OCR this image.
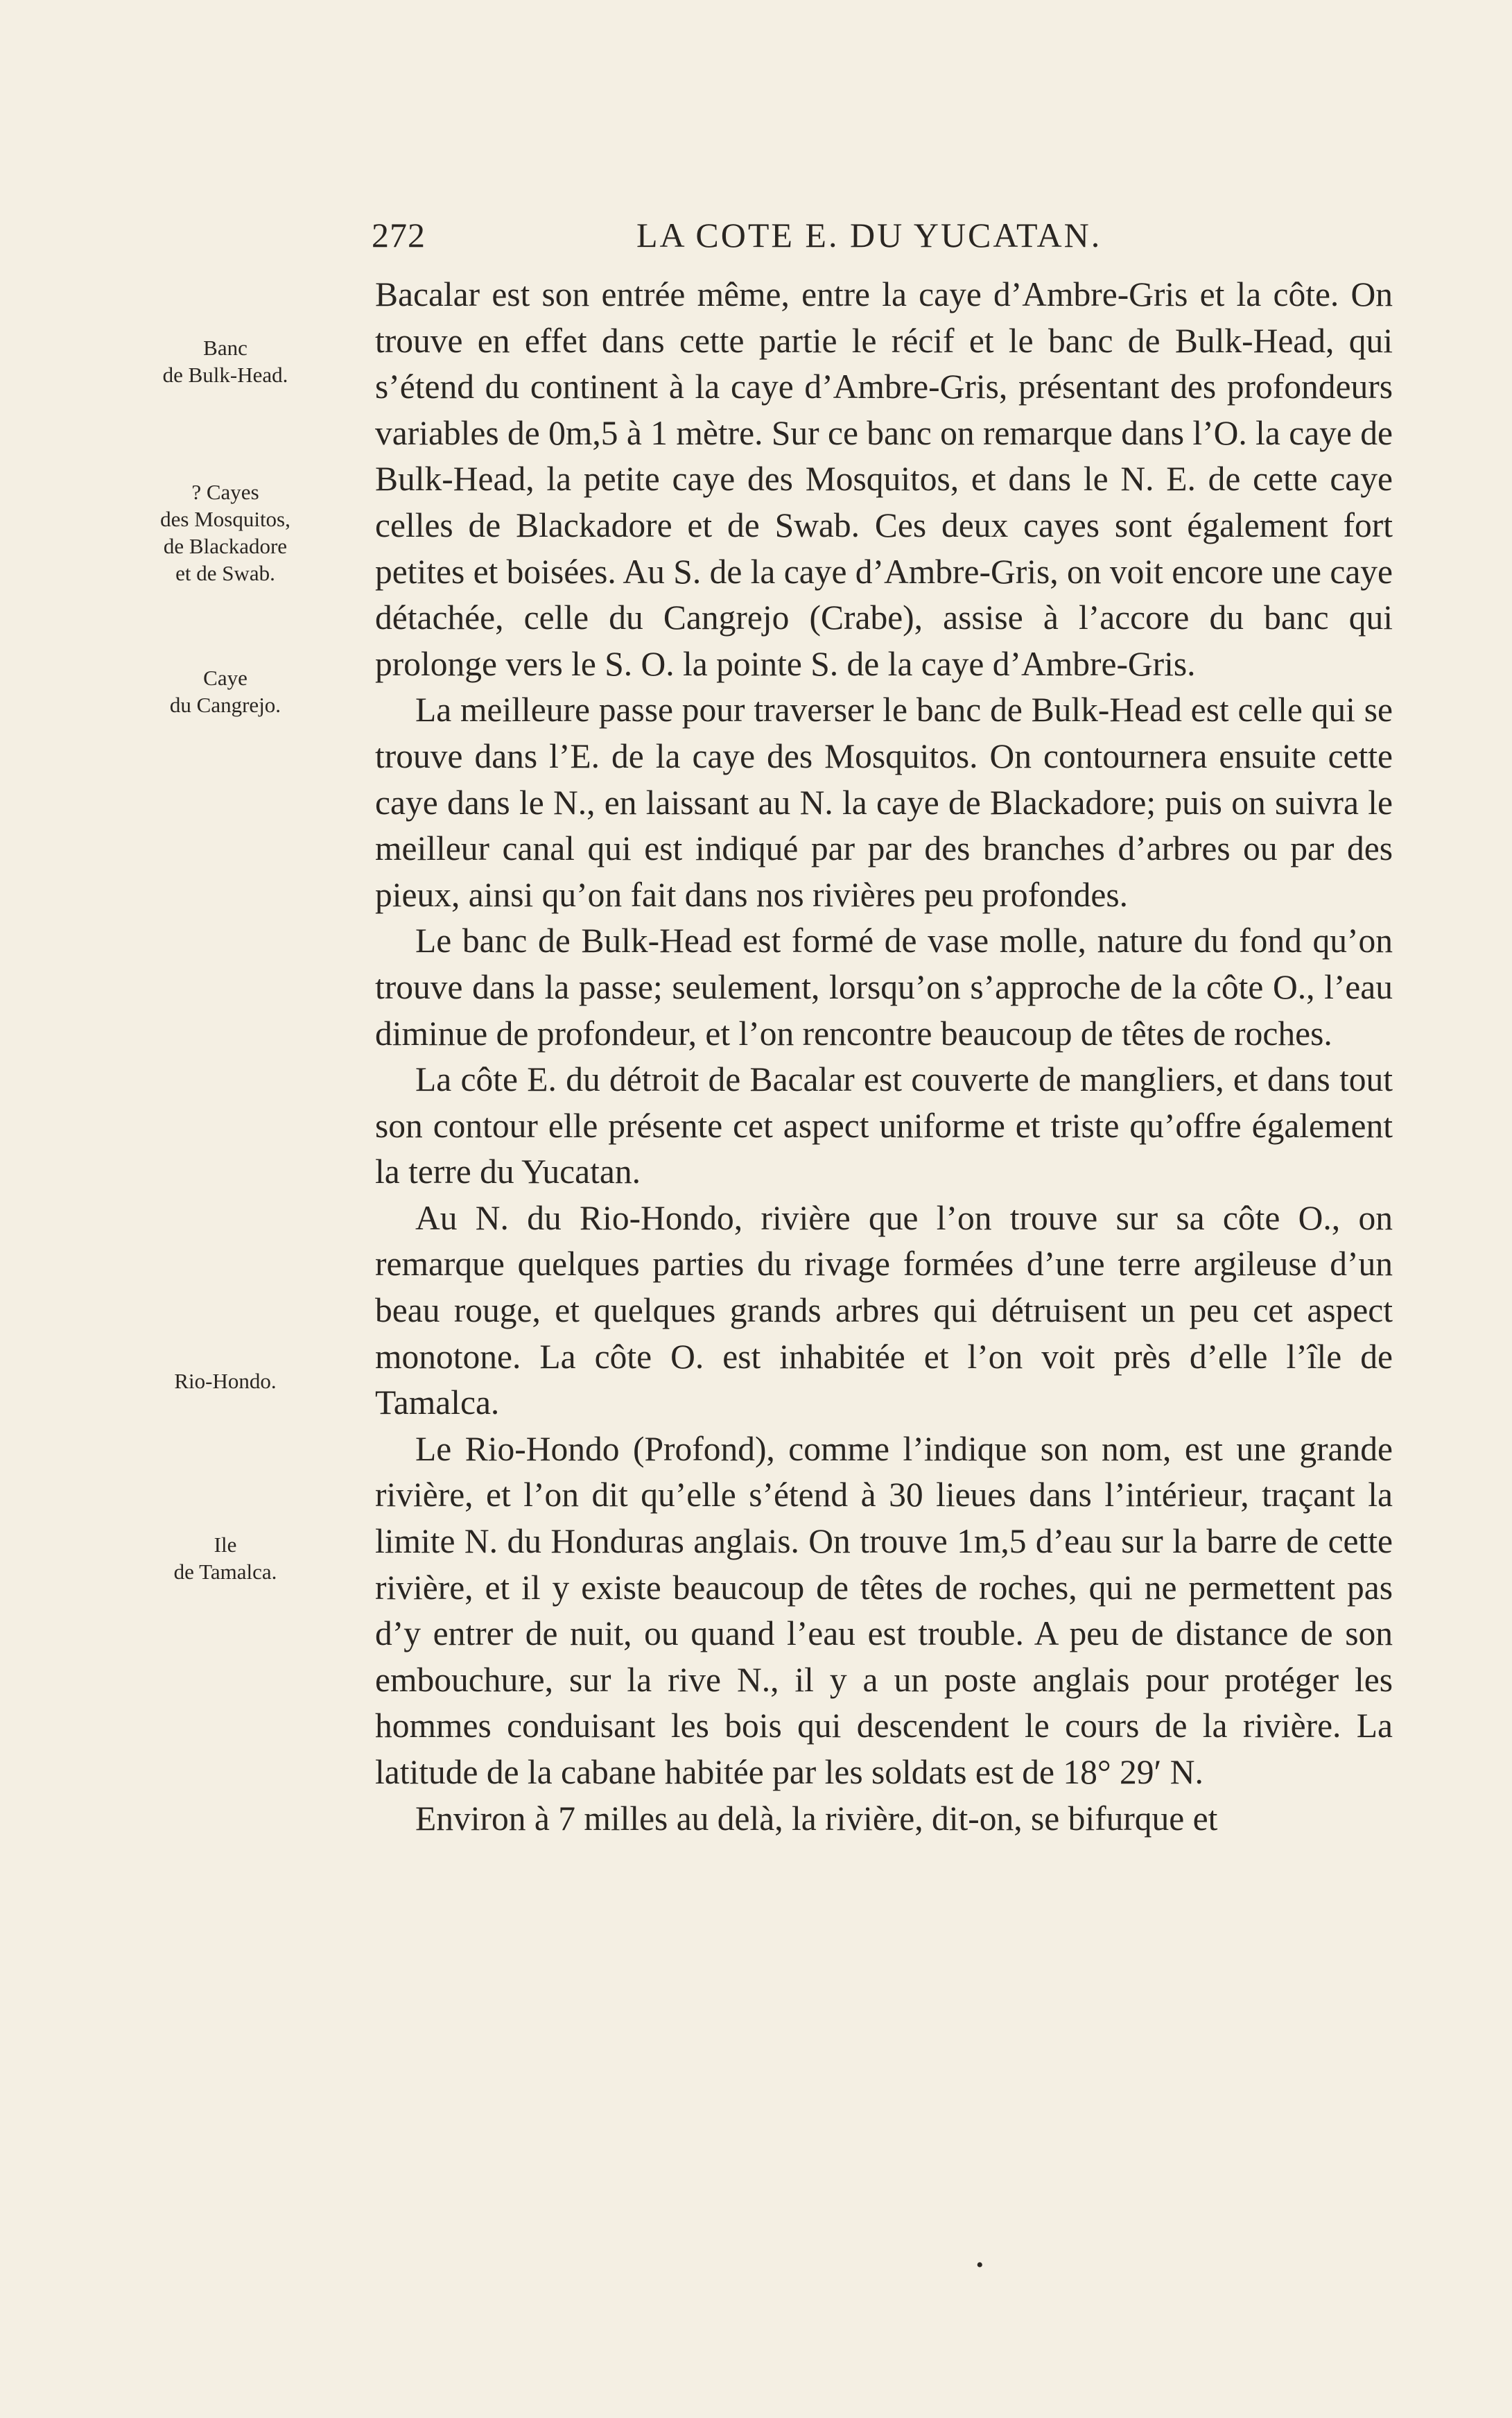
272	LA COTE E. DU YUCATAN.
Banc
de Bulk-Head.
? Cayes
des Mosquitos,
de Blackadore
et de Swab.
Caye
du Cangrejo.
Rio-Hondo.
Ile
de Tamalca.

Bacalar est son entrée même, entre la caye d’Ambre-Gris et la côte. On trouve en effet dans cette partie le récif et le banc de Bulk-Head, qui s’étend du continent à la caye d’Ambre-Gris, présentant des profondeurs variables de 0m,5 à 1 mètre. Sur ce banc on remarque dans l’O. la caye de Bulk-Head, la petite caye des Mosquitos, et dans le N. E. de cette caye celles de Blackadore et de Swab. Ces deux cayes sont également fort petites et boisées. Au S. de la caye d’Ambre-Gris, on voit encore une caye détachée, celle du Cangrejo (Crabe), assise à l’accore du banc qui prolonge vers le S. O. la pointe S. de la caye d’Ambre-Gris.

La meilleure passe pour traverser le banc de Bulk-Head est celle qui se trouve dans l’E. de la caye des Mosquitos. On contournera ensuite cette caye dans le N., en laissant au N. la caye de Blackadore; puis on suivra le meilleur canal qui est indiqué par par des branches d’arbres ou par des pieux, ainsi qu’on fait dans nos rivières peu profondes.

Le banc de Bulk-Head est formé de vase molle, nature du fond qu’on trouve dans la passe; seulement, lorsqu’on s’approche de la côte O., l’eau diminue de profondeur, et l’on rencontre beaucoup de têtes de roches.

La côte E. du détroit de Bacalar est couverte de mangliers, et dans tout son contour elle présente cet aspect uniforme et triste qu’offre également la terre du Yucatan.

Au N. du Rio-Hondo, rivière que l’on trouve sur sa côte O., on remarque quelques parties du rivage formées d’une terre argileuse d’un beau rouge, et quelques grands arbres qui détruisent un peu cet aspect monotone. La côte O. est inhabitée et l’on voit près d’elle l’île de Tamalca.

Le Rio-Hondo (Profond), comme l’indique son nom, est une grande rivière, et l’on dit qu’elle s’étend à 30 lieues dans l’intérieur, traçant la limite N. du Honduras anglais. On trouve 1m,5 d’eau sur la barre de cette rivière, et il y existe beaucoup de têtes de roches, qui ne permettent pas d’y entrer de nuit, ou quand l’eau est trouble. A peu de distance de son embouchure, sur la rive N., il y a un poste anglais pour protéger les hommes conduisant les bois qui descendent le cours de la rivière. La latitude de la cabane habitée par les soldats est de 18° 29′ N.

Environ à 7 milles au delà, la rivière, dit-on, se bifurque et

•
